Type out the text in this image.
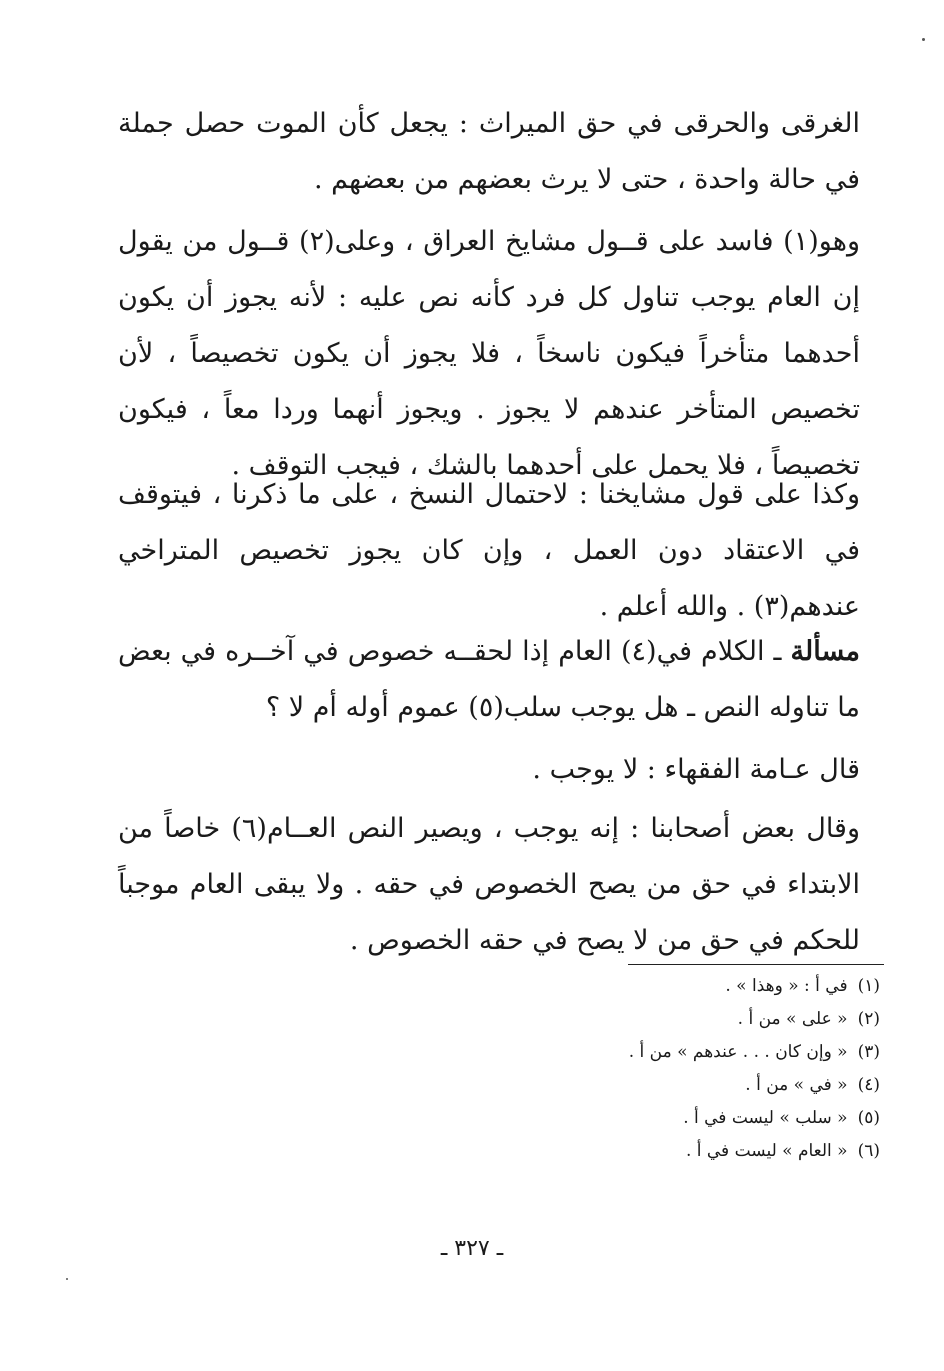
الغرقى والحرقى في حق الميراث : يجعل كأن الموت حصل جملة في حالة واحدة ، حتى لا يرث بعضهم من بعضهم .

وهو(١) فاسد على قــول مشايخ العراق ، وعلى(٢) قــول من يقول إن العام يوجب تناول كل فرد كأنه نص عليه : لأنه يجوز أن يكون أحدهما متأخراً فيكون ناسخاً ، فلا يجوز أن يكون تخصيصاً ، لأن تخصيص المتأخر عندهم لا يجوز . ويجوز أنهما وردا معاً ، فيكون تخصيصاً ، فلا يحمل على أحدهما بالشك ، فيجب التوقف .

وكذا على قول مشايخنا : لاحتمال النسخ ، على ما ذكرنا ، فيتوقف في الاعتقاد دون العمل ، وإن كان يجوز تخصيص المتراخي عندهم(٣) . والله أعلم .

مسألة ـ الكلام في(٤) العام إذا لحقــه خصوص في آخــره في بعض ما تناوله النص ـ هل يوجب سلب(٥) عموم أوله أم لا ؟

قال عـامة الفقهاء : لا يوجب .

وقال بعض أصحابنا : إنه يوجب ، ويصير النص العــام(٦) خاصاً من الابتداء في حق من يصح الخصوص في حقه . ولا يبقى العام موجباً للحكم في حق من لا يصح في حقه الخصوص .

(١)في أ : « وهذا » .
(٢)« على » من أ .
(٣)« وإن كان . . . عندهم » من أ .
(٤)« في » من أ .
(٥)« سلب » ليست في أ .
(٦)« العام » ليست في أ .
ـ ٣٢٧ ـ
